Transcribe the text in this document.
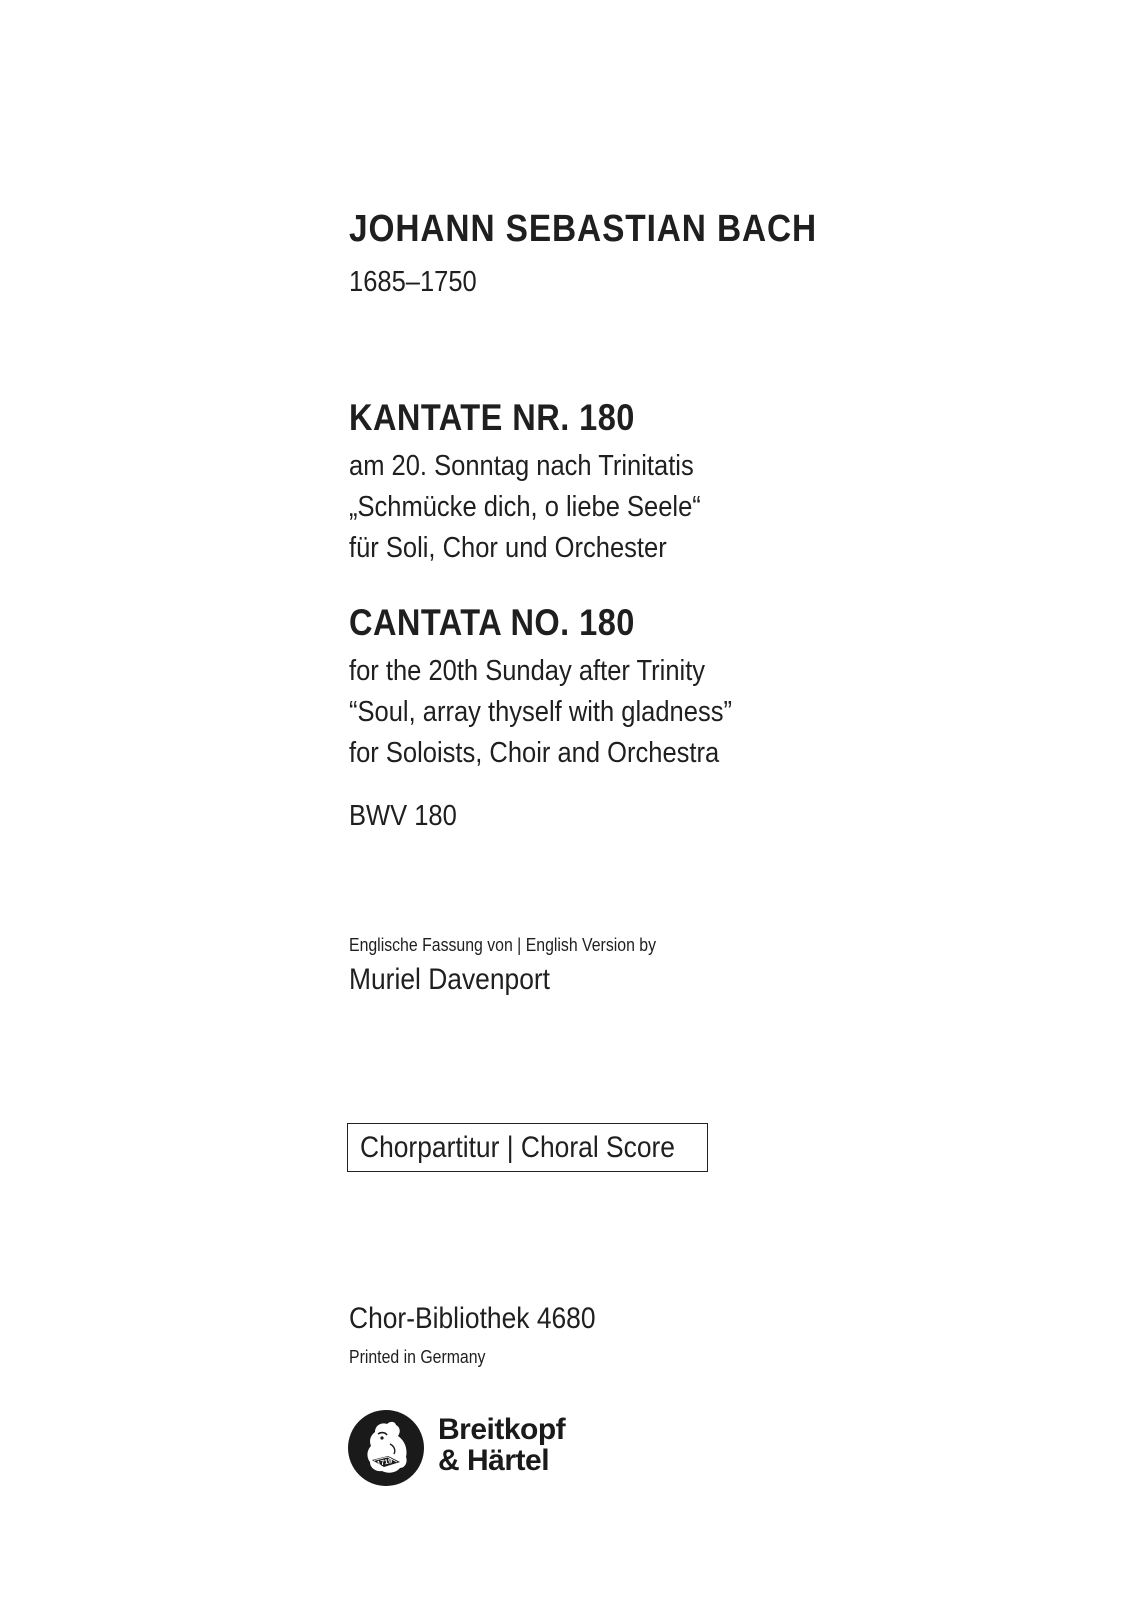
JOHANN SEBASTIAN BACH
1685–1750
KANTATE NR. 180
am 20. Sonntag nach Trinitatis
„Schmücke dich, o liebe Seele“
für Soli, Chor und Orchester
CANTATA NO. 180
for the 20th Sunday after Trinity
“Soul, array thyself with gladness”
for Soloists, Choir and Orchestra
BWV 180
Englische Fassung von | English Version by
Muriel Davenport
Chorpartitur | Choral Score
Chor-Bibliothek 4680
Printed in Germany
1719
Breitkopf
& Härtel
